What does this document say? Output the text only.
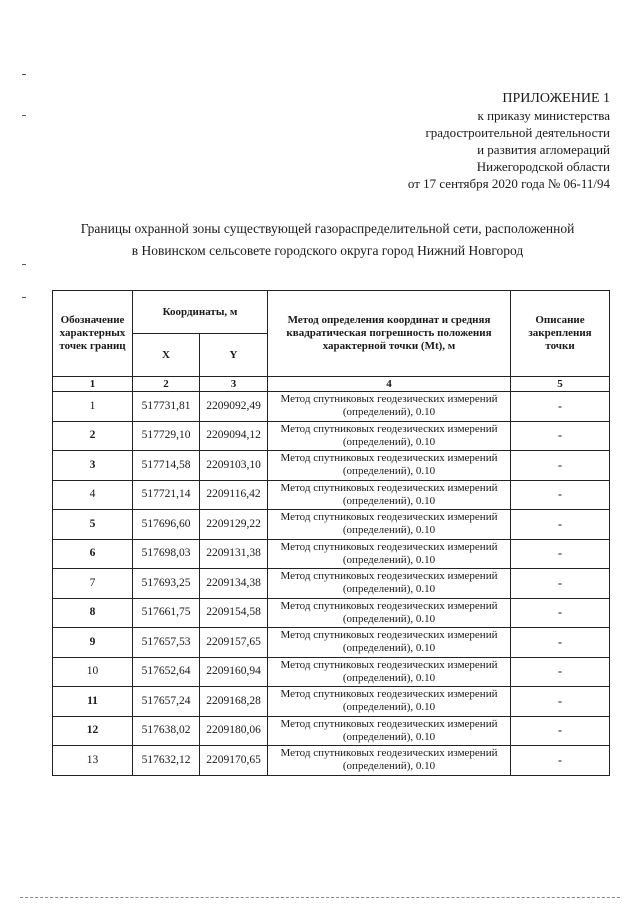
ПРИЛОЖЕНИЕ 1
к приказу министерства
градостроительной деятельности
и развития агломераций
Нижегородской области
от 17 сентября 2020 года № 06-11/94
Границы охранной зоны существующей газораспределительной сети, расположенной
в Новинском сельсовете городского округа город Нижний Новгород
Обозначение характерных точек границ	Координаты, м		Метод определения координат и средняя квадратическая погрешность положения характерной точки (Mt), м	Описание закрепления точки
	X	Y		
1	2	3	4	5
1	517731,81	2209092,49	Метод спутниковых геодезических измерений (определений), 0.10	-
2	517729,10	2209094,12	Метод спутниковых геодезических измерений (определений), 0.10	-
3	517714,58	2209103,10	Метод спутниковых геодезических измерений (определений), 0.10	-
4	517721,14	2209116,42	Метод спутниковых геодезических измерений (определений), 0.10	-
5	517696,60	2209129,22	Метод спутниковых геодезических измерений (определений), 0.10	-
6	517698,03	2209131,38	Метод спутниковых геодезических измерений (определений), 0.10	-
7	517693,25	2209134,38	Метод спутниковых геодезических измерений (определений), 0.10	-
8	517661,75	2209154,58	Метод спутниковых геодезических измерений (определений), 0.10	-
9	517657,53	2209157,65	Метод спутниковых геодезических измерений (определений), 0.10	-
10	517652,64	2209160,94	Метод спутниковых геодезических измерений (определений), 0.10	-
11	517657,24	2209168,28	Метод спутниковых геодезических измерений (определений), 0.10	-
12	517638,02	2209180,06	Метод спутниковых геодезических измерений (определений), 0.10	-
13	517632,12	2209170,65	Метод спутниковых геодезических измерений (определений), 0.10	-
